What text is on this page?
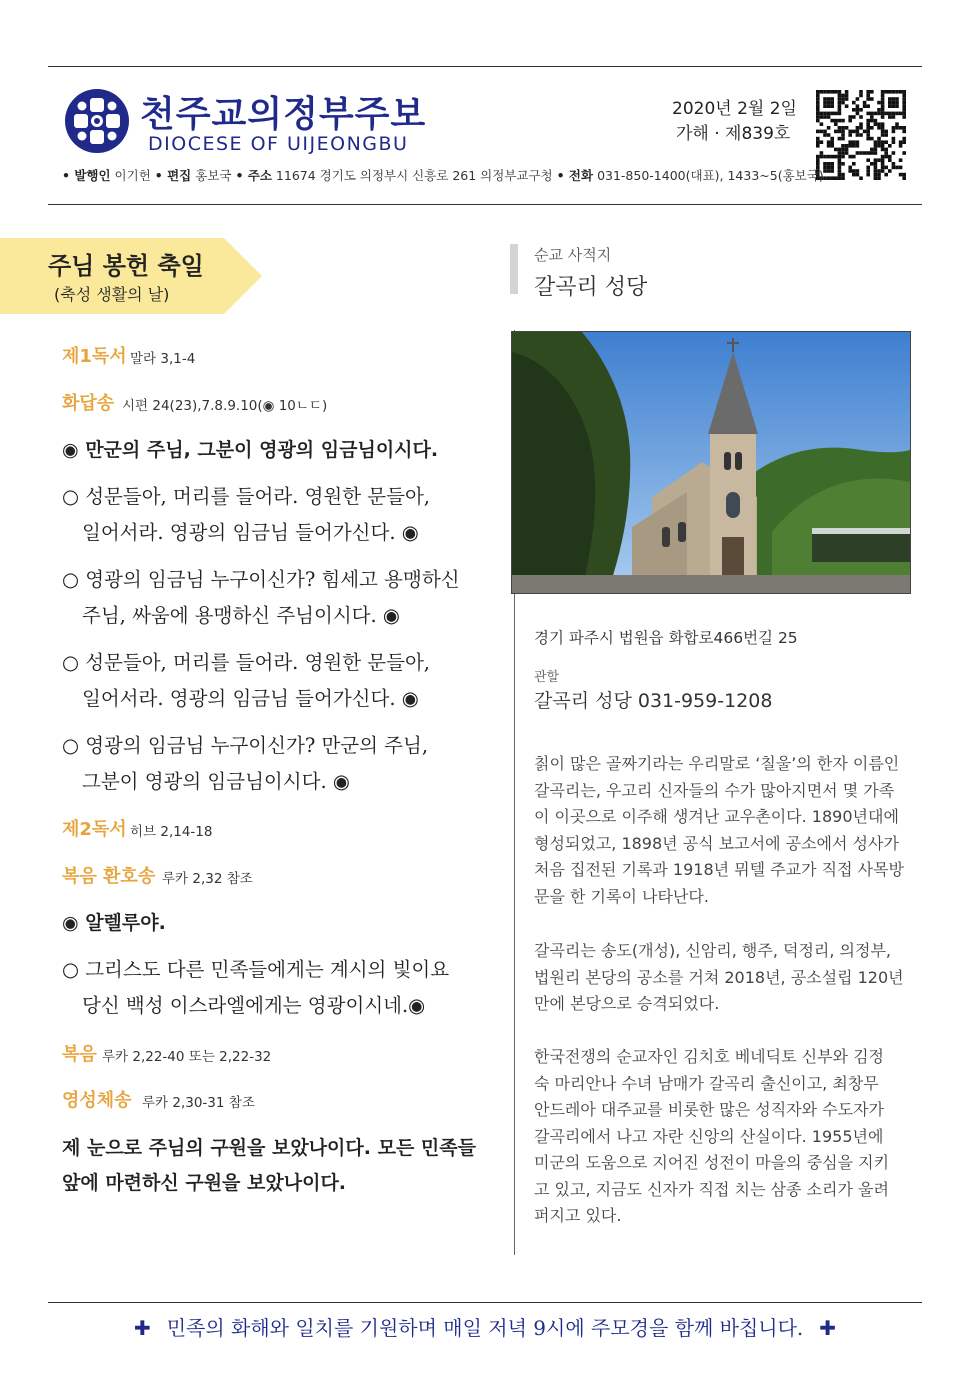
천주교의정부주보
DIOCESE OF UIJEONGBU
2020년 2월 2일
가해 · 제839호
• 발행인 이기헌 • 편집 홍보국 • 주소 11674 경기도 의정부시 신흥로 261 의정부교구청 • 전화 031-850-1400(대표), 1433~5(홍보국)
주님 봉헌 축일
(축성 생활의 날)
제1독서 말라 3,1-4
화답송 시편 24(23),7.8.9.10(◉ 10ㄴㄷ)
◉ 만군의 주님, 그분이 영광의 임금님이시다.
○ 성문들아, 머리를 들어라. 영원한 문들아,
일어서라. 영광의 임금님 들어가신다. ◉
○ 영광의 임금님 누구이신가? 힘세고 용맹하신
주님, 싸움에 용맹하신 주님이시다. ◉
○ 성문들아, 머리를 들어라. 영원한 문들아,
일어서라. 영광의 임금님 들어가신다. ◉
○ 영광의 임금님 누구이신가? 만군의 주님,
그분이 영광의 임금님이시다. ◉
제2독서 히브 2,14-18
복음 환호송 루카 2,32 참조
◉ 알렐루야.
○ 그리스도 다른 민족들에게는 계시의 빛이요
당신 백성 이스라엘에게는 영광이시네.◉
복음 루카 2,22-40 또는 2,22-32
영성체송 루카 2,30-31 참조
제 눈으로 주님의 구원을 보았나이다. 모든 민족들
앞에 마련하신 구원을 보았나이다.
순교 사적지
갈곡리 성당
경기 파주시 법원읍 화합로466번길 25
관할
갈곡리 성당 031-959-1208
칡이 많은 골짜기라는 우리말로 ‘칠울’의 한자 이름인
갈곡리는, 우고리 신자들의 수가 많아지면서 몇 가족
이 이곳으로 이주해 생겨난 교우촌이다. 1890년대에
형성되었고, 1898년 공식 보고서에 공소에서 성사가
처음 집전된 기록과 1918년 뮈텔 주교가 직접 사목방
문을 한 기록이 나타난다.
갈곡리는 송도(개성), 신암리, 행주, 덕정리, 의정부,
법원리 본당의 공소를 거쳐 2018년, 공소설립 120년
만에 본당으로 승격되었다.
한국전쟁의 순교자인 김치호 베네딕토 신부와 김정
숙 마리안나 수녀 남매가 갈곡리 출신이고, 최창무
안드레아 대주교를 비롯한 많은 성직자와 수도자가
갈곡리에서 나고 자란 신앙의 산실이다. 1955년에
미군의 도움으로 지어진 성전이 마을의 중심을 지키
고 있고, 지금도 신자가 직접 치는 삼종 소리가 울려
퍼지고 있다.
✚ 민족의 화해와 일치를 기원하며 매일 저녁 9시에 주모경을 함께 바칩니다. ✚
